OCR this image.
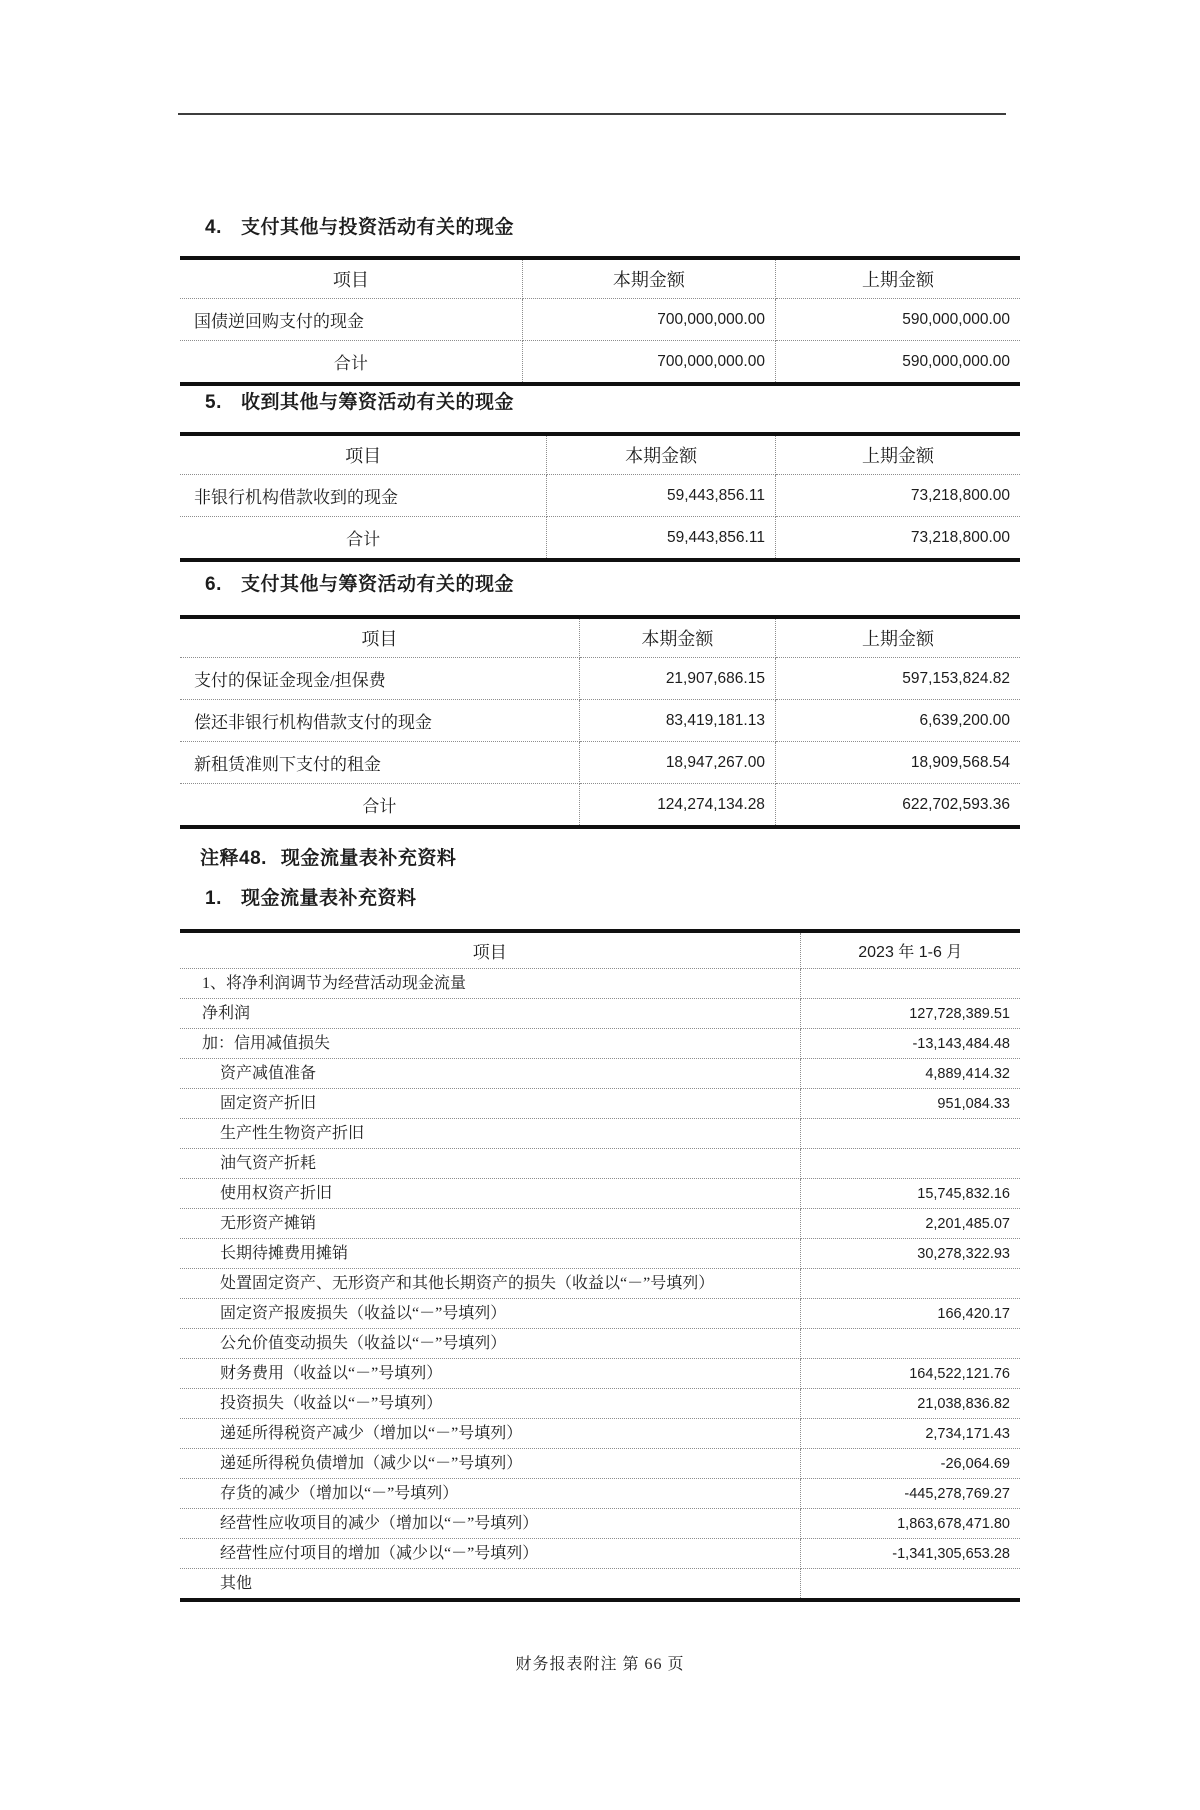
4.	支付其他与投资活动有关的现金
项目	本期金额	上期金额
国债逆回购支付的现金	700,000,000.00	590,000,000.00
合计	700,000,000.00	590,000,000.00
5.	收到其他与筹资活动有关的现金
项目	本期金额	上期金额
非银行机构借款收到的现金	59,443,856.11	73,218,800.00
合计	59,443,856.11	73,218,800.00
6.	支付其他与筹资活动有关的现金
项目	本期金额	上期金额
支付的保证金现金/担保费	21,907,686.15	597,153,824.82
偿还非银行机构借款支付的现金	83,419,181.13	6,639,200.00
新租赁准则下支付的租金	18,947,267.00	18,909,568.54
合计	124,274,134.28	622,702,593.36
注释48. 现金流量表补充资料
1.	现金流量表补充资料
项目	2023 年 1-6 月
1、将净利润调节为经营活动现金流量	
净利润	127,728,389.51
加：信用减值损失	-13,143,484.48
资产减值准备	4,889,414.32
固定资产折旧	951,084.33
生产性生物资产折旧	
油气资产折耗	
使用权资产折旧	15,745,832.16
无形资产摊销	2,201,485.07
长期待摊费用摊销	30,278,322.93
处置固定资产、无形资产和其他长期资产的损失（收益以“－”号填列）	
固定资产报废损失（收益以“－”号填列）	166,420.17
公允价值变动损失（收益以“－”号填列）	
财务费用（收益以“－”号填列）	164,522,121.76
投资损失（收益以“－”号填列）	21,038,836.82
递延所得税资产减少（增加以“－”号填列）	2,734,171.43
递延所得税负债增加（减少以“－”号填列）	-26,064.69
存货的减少（增加以“－”号填列）	-445,278,769.27
经营性应收项目的减少（增加以“－”号填列）	1,863,678,471.80
经营性应付项目的增加（减少以“－”号填列）	-1,341,305,653.28
其他	
财务报表附注 第 66 页
